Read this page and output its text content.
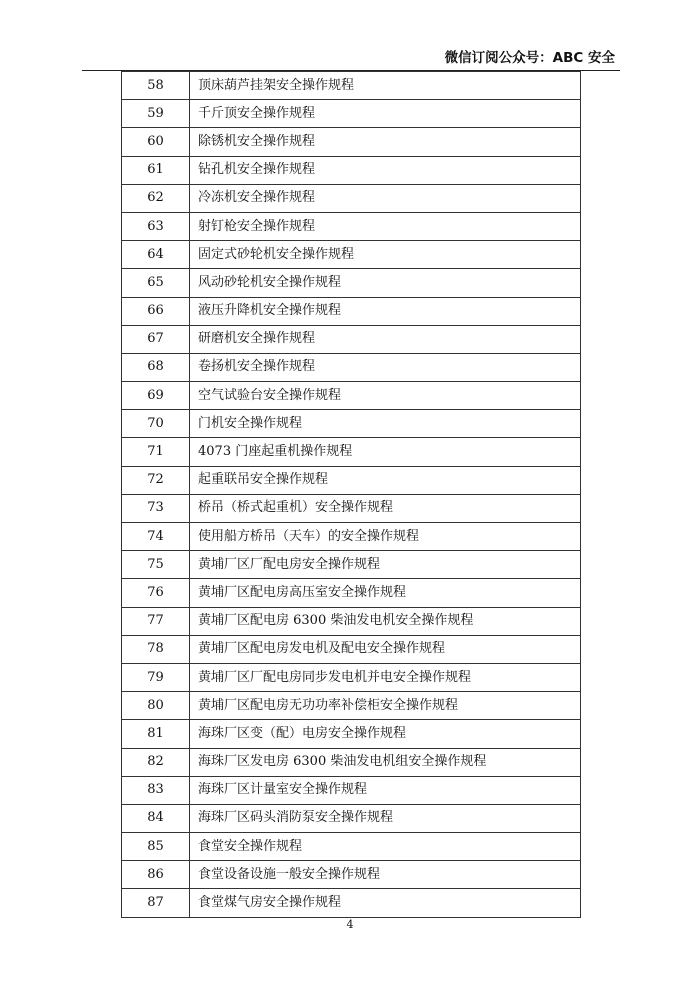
微信订阅公众号：ABC 安全
58	顶床葫芦挂架安全操作规程
59	千斤顶安全操作规程
60	除锈机安全操作规程
61	钻孔机安全操作规程
62	冷冻机安全操作规程
63	射钉枪安全操作规程
64	固定式砂轮机安全操作规程
65	风动砂轮机安全操作规程
66	液压升降机安全操作规程
67	研磨机安全操作规程
68	卷扬机安全操作规程
69	空气试验台安全操作规程
70	门机安全操作规程
71	4073 门座起重机操作规程
72	起重联吊安全操作规程
73	桥吊（桥式起重机）安全操作规程
74	使用船方桥吊（天车）的安全操作规程
75	黄埔厂区厂配电房安全操作规程
76	黄埔厂区配电房高压室安全操作规程
77	黄埔厂区配电房 6300 柴油发电机安全操作规程
78	黄埔厂区配电房发电机及配电安全操作规程
79	黄埔厂区厂配电房同步发电机并电安全操作规程
80	黄埔厂区配电房无功功率补偿柜安全操作规程
81	海珠厂区变（配）电房安全操作规程
82	海珠厂区发电房 6300 柴油发电机组安全操作规程
83	海珠厂区计量室安全操作规程
84	海珠厂区码头消防泵安全操作规程
85	食堂安全操作规程
86	食堂设备设施一般安全操作规程
87	食堂煤气房安全操作规程
4
